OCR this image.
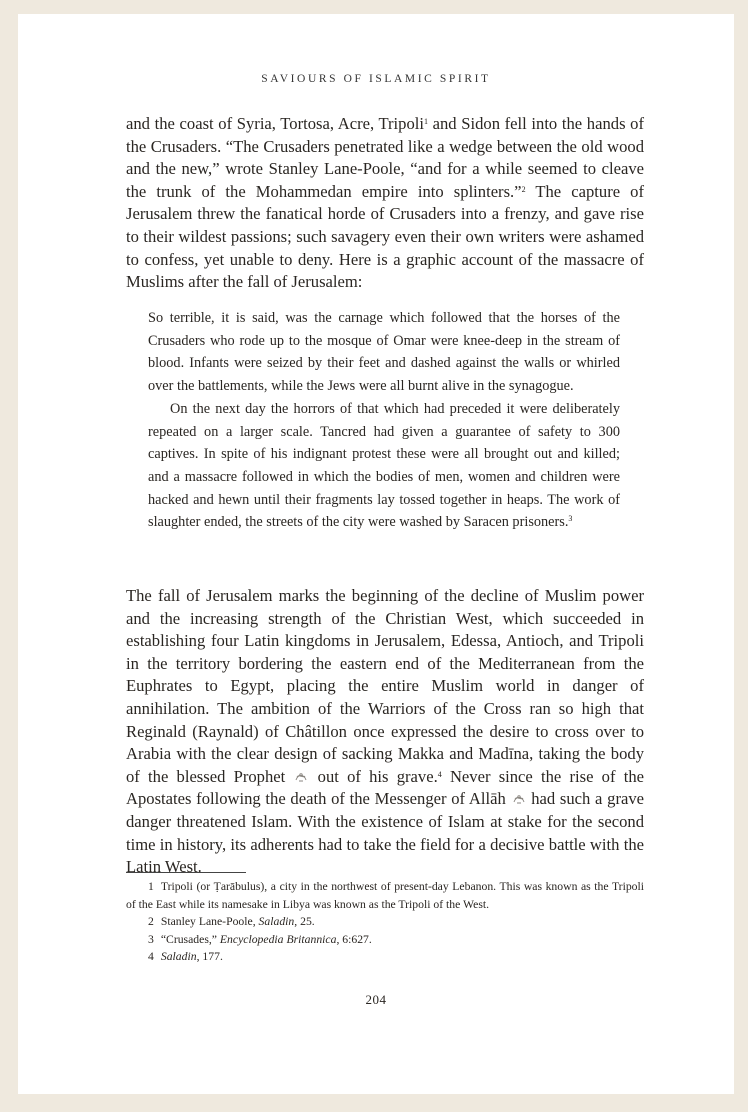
SAVIOURS OF ISLAMIC SPIRIT

and the coast of Syria, Tortosa, Acre, Tripoli$^1$ and Sidon fell into the hands of the Crusaders. “The Crusaders penetrated like a wedge between the old wood and the new,” wrote Stanley Lane-Poole, “and for a while seemed to cleave the trunk of the Mohammedan empire into splinters.”$^2$ The capture of Jerusalem threw the fanatical horde of Crusaders into a frenzy, and gave rise to their wildest passions; such savagery even their own writers were ashamed to confess, yet unable to deny. Here is a graphic account of the massacre of Muslims after the fall of Jerusalem:

So terrible, it is said, was the carnage which followed that the horses of the Crusaders who rode up to the mosque of Omar were knee-deep in the stream of blood. Infants were seized by their feet and dashed against the walls or whirled over the battlements, while the Jews were all burnt alive in the synagogue.

On the next day the horrors of that which had preceded it were deliberately repeated on a larger scale. Tancred had given a guarantee of safety to 300 captives. In spite of his indignant protest these were all brought out and killed; and a massacre followed in which the bodies of men, women and children were hacked and hewn until their fragments lay tossed together in heaps. The work of slaughter ended, the streets of the city were washed by Saracen prisoners.$^3$

The fall of Jerusalem marks the beginning of the decline of Muslim power and the increasing strength of the Christian West, which succeeded in establishing four Latin kingdoms in Jerusalem, Edessa, Antioch, and Tripoli in the territory bordering the eastern end of the Mediterranean from the Euphrates to Egypt, placing the entire Muslim world in danger of annihilation. The ambition of the Warriors of the Cross ran so high that Reginald (Raynald) of Châtillon once expressed the desire to cross over to Arabia with the clear design of sacking Makka and Madīna, taking the body of the blessed Prophet  out of his grave.$^4$ Never since the rise of the Apostates following the death of the Messenger of Allāh  had such a grave danger threatened Islam. With the existence of Islam at stake for the second time in history, its adherents had to take the field for a decisive battle with the Latin West.

1 Tripoli (or Ṭarābulus), a city in the northwest of present-day Lebanon. This was known as the Tripoli of the East while its namesake in Libya was known as the Tripoli of the West.

2 Stanley Lane-Poole, Saladin, 25.

3 “Crusades,” Encyclopedia Britannica, 6:627.

4 Saladin, 177.

204
